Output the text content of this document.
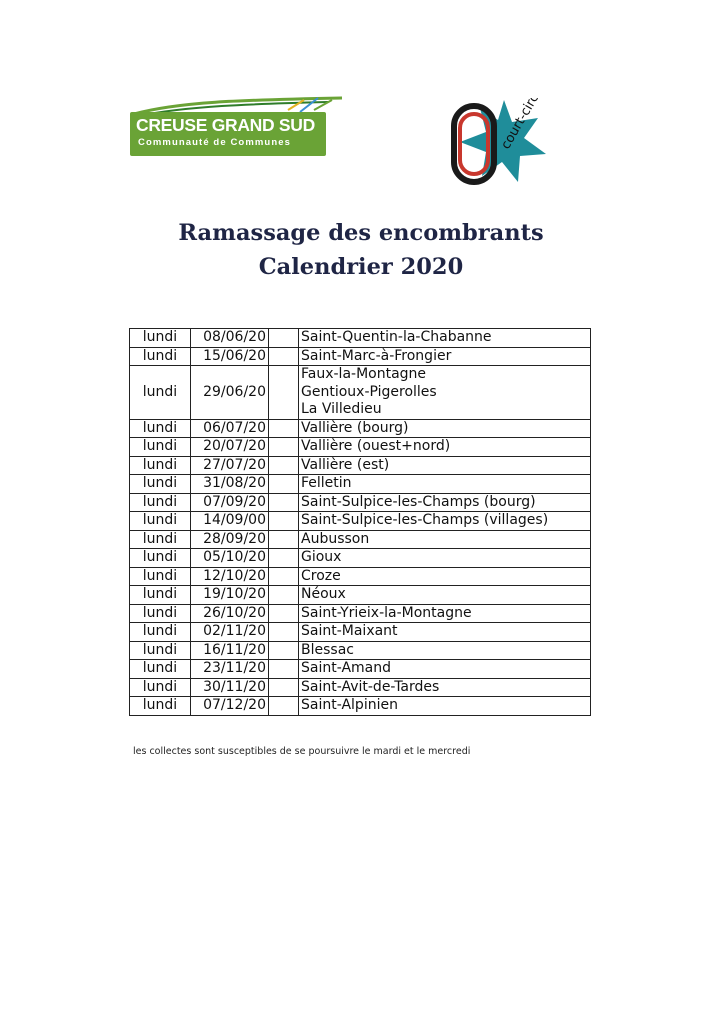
CREUSE GRAND SUD
Communauté de Communes	court-circuit
Ramassage des encombrants
Calendrier 2020
lundi	08/06/20		Saint-Quentin-la-Chabanne

lundi	15/06/20		Saint-Marc-à-Frongier

lundi	29/06/20		Faux-la-Montagne
Gentioux-Pigerolles
La Villedieu

lundi	06/07/20		Vallière (bourg)

lundi	20/07/20		Vallière (ouest+nord)

lundi	27/07/20		Vallière (est)

lundi	31/08/20		Felletin

lundi	07/09/20		Saint-Sulpice-les-Champs (bourg)

lundi	14/09/00		Saint-Sulpice-les-Champs (villages)

lundi	28/09/20		Aubusson

lundi	05/10/20		Gioux

lundi	12/10/20		Croze

lundi	19/10/20		Néoux

lundi	26/10/20		Saint-Yrieix-la-Montagne

lundi	02/11/20		Saint-Maixant

lundi	16/11/20		Blessac

lundi	23/11/20		Saint-Amand

lundi	30/11/20		Saint-Avit-de-Tardes

lundi	07/12/20		Saint-Alpinien
les collectes sont susceptibles de se poursuivre le mardi et le mercredi
